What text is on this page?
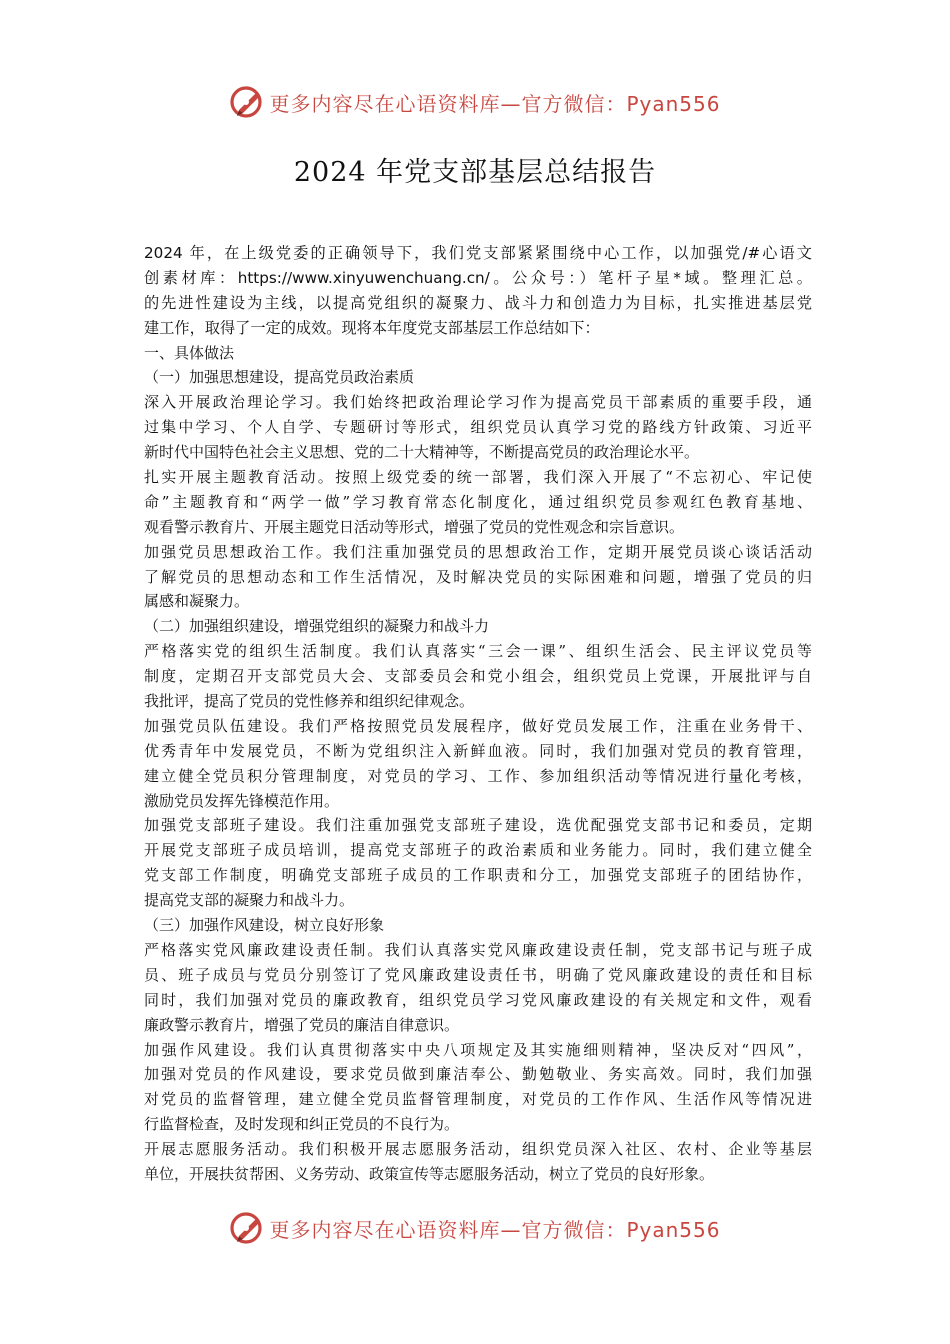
更多内容尽在心语资料库—官方微信：Pyan556
2024 年党支部基层总结报告
2024 年，在上级党委的正确领导下，我们党支部紧紧围绕中心工作，以加强党/#心语文
创素材库：https://www.xinyuwenchuang.cn/。公众号：）笔杆子星*域。整理汇总。
的先进性建设为主线，以提高党组织的凝聚力、战斗力和创造力为目标，扎实推进基层党
建工作，取得了一定的成效。现将本年度党支部基层工作总结如下：
一、具体做法
（一）加强思想建设，提高党员政治素质
深入开展政治理论学习。我们始终把政治理论学习作为提高党员干部素质的重要手段，通
过集中学习、个人自学、专题研讨等形式，组织党员认真学习党的路线方针政策、习近平
新时代中国特色社会主义思想、党的二十大精神等，不断提高党员的政治理论水平。
扎实开展主题教育活动。按照上级党委的统一部署，我们深入开展了“不忘初心、牢记使
命”主题教育和“两学一做”学习教育常态化制度化，通过组织党员参观红色教育基地、
观看警示教育片、开展主题党日活动等形式，增强了党员的党性观念和宗旨意识。
加强党员思想政治工作。我们注重加强党员的思想政治工作，定期开展党员谈心谈话活动
了解党员的思想动态和工作生活情况，及时解决党员的实际困难和问题，增强了党员的归
属感和凝聚力。
（二）加强组织建设，增强党组织的凝聚力和战斗力
严格落实党的组织生活制度。我们认真落实“三会一课”、组织生活会、民主评议党员等
制度，定期召开支部党员大会、支部委员会和党小组会，组织党员上党课，开展批评与自
我批评，提高了党员的党性修养和组织纪律观念。
加强党员队伍建设。我们严格按照党员发展程序，做好党员发展工作，注重在业务骨干、
优秀青年中发展党员，不断为党组织注入新鲜血液。同时，我们加强对党员的教育管理，
建立健全党员积分管理制度，对党员的学习、工作、参加组织活动等情况进行量化考核，
激励党员发挥先锋模范作用。
加强党支部班子建设。我们注重加强党支部班子建设，选优配强党支部书记和委员，定期
开展党支部班子成员培训，提高党支部班子的政治素质和业务能力。同时，我们建立健全
党支部工作制度，明确党支部班子成员的工作职责和分工，加强党支部班子的团结协作，
提高党支部的凝聚力和战斗力。
（三）加强作风建设，树立良好形象
严格落实党风廉政建设责任制。我们认真落实党风廉政建设责任制，党支部书记与班子成
员、班子成员与党员分别签订了党风廉政建设责任书，明确了党风廉政建设的责任和目标
同时，我们加强对党员的廉政教育，组织党员学习党风廉政建设的有关规定和文件，观看
廉政警示教育片，增强了党员的廉洁自律意识。
加强作风建设。我们认真贯彻落实中央八项规定及其实施细则精神，坚决反对“四风”，
加强对党员的作风建设，要求党员做到廉洁奉公、勤勉敬业、务实高效。同时，我们加强
对党员的监督管理，建立健全党员监督管理制度，对党员的工作作风、生活作风等情况进
行监督检查，及时发现和纠正党员的不良行为。
开展志愿服务活动。我们积极开展志愿服务活动，组织党员深入社区、农村、企业等基层
单位，开展扶贫帮困、义务劳动、政策宣传等志愿服务活动，树立了党员的良好形象。
更多内容尽在心语资料库—官方微信：Pyan556
